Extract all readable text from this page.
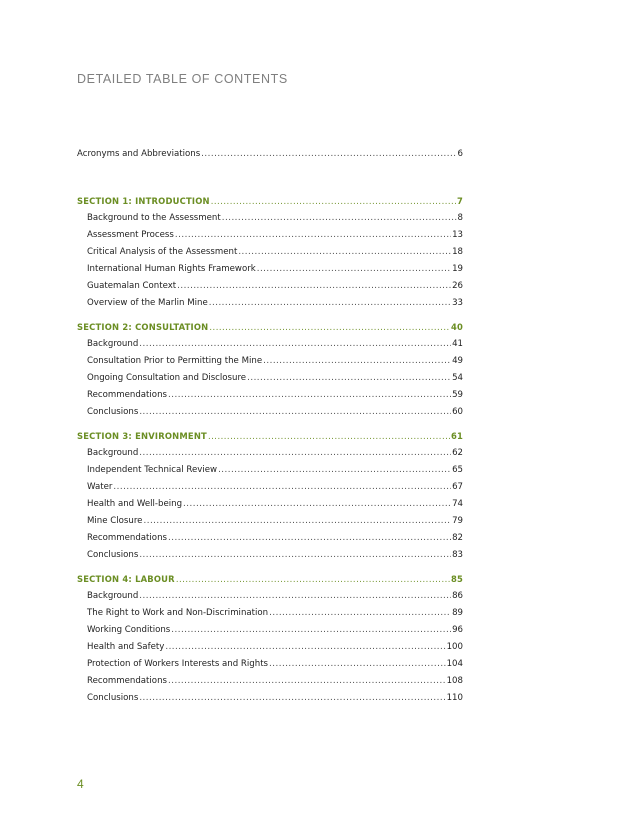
DETAILED TABLE OF CONTENTS
Acronyms and Abbreviations .....	6
SECTION 1: INTRODUCTION .....	7
Background to the Assessment .....	8
Assessment Process .....	13
Critical Analysis of the Assessment .....	18
International Human Rights Framework .....	19
Guatemalan Context .....	26
Overview of the Marlin Mine .....	33
SECTION 2: CONSULTATION .....	40
Background .....	41
Consultation Prior to Permitting the Mine .....	49
Ongoing Consultation and Disclosure .....	54
Recommendations .....	59
Conclusions .....	60
SECTION 3: ENVIRONMENT .....	61
Background .....	62
Independent Technical Review .....	65
Water .....	67
Health and Well-being .....	74
Mine Closure .....	79
Recommendations .....	82
Conclusions .....	83
SECTION 4: LABOUR .....	85
Background .....	86
The Right to Work and Non-Discrimination .....	89
Working Conditions .....	96
Health and Safety .....	100
Protection of Workers Interests and Rights .....	104
Recommendations .....	108
Conclusions .....	110
4
